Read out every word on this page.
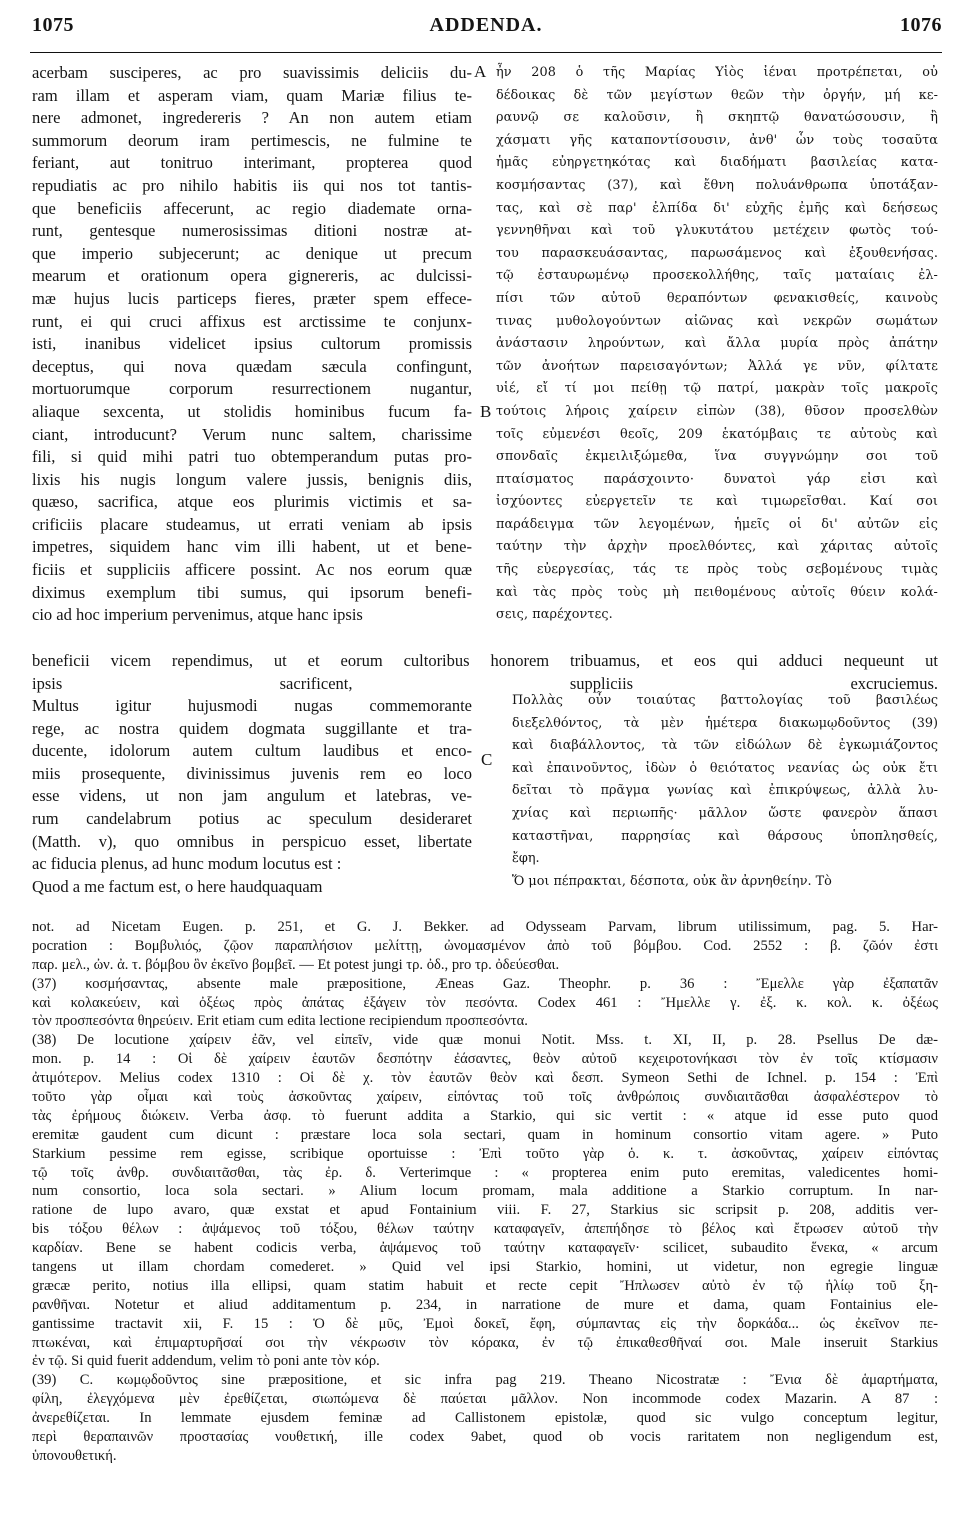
1075	ADDENDA.	1076
A
B
C
acerbam susciperes, ac pro suavissimis deliciis du-
ram illam et asperam viam, quam Mariæ filius te-
nere admonet, ingredereris ? An non autem etiam
summorum deorum iram pertimescis, ne fulmine te
feriant, aut tonitruo interimant, propterea quod
repudiatis ac pro nihilo habitis iis qui nos tot tantis-
que beneficiis affecerunt, ac regio diademate orna-
runt, gentesque numerosissimas ditioni nostræ at-
que imperio subjecerunt; ac denique ut precum
mearum et orationum opera gignereris, ac dulcissi-
mæ hujus lucis particeps fieres, præter spem effece-
runt, ei qui cruci affixus est arctissime te conjunx-
isti, inanibus videlicet ipsius cultorum promissis
deceptus, qui nova quædam sæcula confingunt,
mortuorumque corporum resurrectionem nugantur,
aliaque sexcenta, ut stolidis hominibus fucum fa-
ciant, introducunt? Verum nunc saltem, charissime
fili, si quid mihi patri tuo obtemperandum putas pro-
lixis his nugis longum valere jussis, benignis diis,
quæso, sacrifica, atque eos plurimis victimis et sa-
crificiis placare studeamus, ut errati veniam ab ipsis
impetres, siquidem hanc vim illi habent, ut et bene-
ficiis et suppliciis afficere possint. Ac nos eorum quæ
diximus exemplum tibi sumus, qui ipsorum benefi-
cio ad hoc imperium pervenimus, atque hanc ipsis
ἦν 208 ὁ τῆς Μαρίας Υἱὸς ἰέναι προτρέπεται, οὐ
δέδοικας δὲ τῶν μεγίστων θεῶν τὴν ὀργήν, μή κε-
ραυνῷ σε καλοῦσιν, ἢ σκηπτῷ θανατώσουσιν, ἢ
χάσματι γῆς καταποντίσουσιν, ἀνθ' ὧν τοὺς τοσαῦτα
ἡμᾶς εὐηργετηκότας καὶ διαδήματι βασιλείας κατα-
κοσμήσαντας (37), καὶ ἔθνη πολυάνθρωπα ὑποτάξαν-
τας, καὶ σὲ παρ' ἐλπίδα δι' εὐχῆς ἐμῆς καὶ δεήσεως
γεννηθῆναι καὶ τοῦ γλυκυτάτου μετέχειν φωτὸς τού-
του παρασκευάσαντας, παρωσάμενος καὶ ἐξουθενήσας.
τῷ ἐσταυρωμένῳ προσεκολλήθης, ταῖς ματαίαις ἐλ-
πίσι τῶν αὐτοῦ θεραπόντων φενακισθείς, καινοὺς
τινας μυθολογούντων αἰῶνας καὶ νεκρῶν σωμάτων
ἀνάστασιν ληρούντων, καὶ ἄλλα μυρία πρὸς ἀπάτην
τῶν ἀνοήτων παρεισαγόντων; Ἀλλά γε νῦν, φίλτατε
υἱέ, εἴ τί μοι πείθῃ τῷ πατρί, μακρὰν τοῖς μακροῖς
τούτοις λήροις χαίρειν εἰπὼν (38), θῦσον προσελθὼν
τοῖς εὐμενέσι θεοῖς, 209 ἑκατόμβαις τε αὐτοὺς καὶ
σπονδαῖς ἐκμειλιξώμεθα, ἵνα συγγνώμην σοι τοῦ
πταίσματος παράσχοιντο· δυνατοὶ γάρ εἰσι καὶ
ἰσχύοντες εὐεργετεῖν τε καὶ τιμωρεῖσθαι. Καί σοι
παράδειγμα τῶν λεγομένων, ἡμεῖς οἱ δι' αὐτῶν εἰς
ταύτην τὴν ἀρχὴν προελθόντες, καὶ χάριτας αὐτοῖς
τῆς εὐεργεσίας, τάς τε πρὸς τοὺς σεβομένους τιμὰς
καὶ τὰς πρὸς τοὺς μὴ πειθομένους αὐτοῖς θύειν κολά-
σεις, παρέχοντες.
beneficii vicem rependimus, ut et eorum cultoribus honorem tribuamus, et eos qui adduci nequeunt ut
ipsis sacrificent, suppliciis excruciemus.
Multus igitur hujusmodi nugas commemorante
rege, ac nostra quidem dogmata suggillante et tra-
ducente, idolorum autem cultum laudibus et enco-
miis prosequente, divinissimus juvenis rem eo loco
esse videns, ut non jam angulum et latebras, ve-
rum candelabrum potius ac speculum desideraret
(Matth. v), quo omnibus in perspicuo esset, libertate
ac fiducia plenus, ad hunc modum locutus est :
Quod a me factum est, o here haudquaquam
Πολλὰς οὖν τοιαύτας βαττολογίας τοῦ βασιλέως
διεξελθόντος, τὰ μὲν ἡμέτερα διακωμῳδοῦντος (39)
καὶ διαβάλλοντος, τὰ τῶν εἰδώλων δὲ ἐγκωμιάζοντος
καὶ ἐπαινοῦντος, ἰδὼν ὁ θειότατος νεανίας ὡς οὐκ ἔτι
δεῖται τὸ πρᾶγμα γωνίας καὶ ἐπικρύψεως, ἀλλὰ λυ-
χνίας καὶ περιωπῆς· μᾶλλον ὥστε φανερὸν ἅπασι
καταστῆναι, παρρησίας καὶ θάρσους ὑποπλησθείς,
ἔφη.
Ὅ μοι πέπρακται, δέσποτα, οὐκ ἂν ἀρνηθείην. Τὸ
not. ad Nicetam Eugen. p. 251, et G. J. Bekker. ad Odysseam Parvam, librum utilissimum, pag. 5. Har-
pocration : Βομβυλιός, ζῷον παραπλήσιον μελίττῃ, ὠνομασμένον ἀπὸ τοῦ βόμβου. Cod. 2552 : β. ζῶόν ἐστι
παρ. μελ., ὠν. ἀ. τ. βόμβου ὃν ἐκεῖνο βομβεῖ. — Et potest jungi τρ. ὀδ., pro τρ. ὀδεύεσθαι.
(37) κοσμήσαντας, absente male præpositione, Æneas Gaz. Theophr. p. 36 : Ἔμελλε γὰρ ἐξαπατᾶν
καὶ κολακεύειν, καὶ ὀξέως πρὸς ἀπάτας ἐξάγειν τὸν πεσόντα. Codex 461 : Ἤμελλε γ. ἐξ. κ. κολ. κ. ὀξέως
τὸν προσπεσόντα θηρεύειν. Erit etiam cum edita lectione recipiendum προσπεσόντα.
(38) De locutione χαίρειν ἐᾶν, vel εἰπεῖν, vide quæ monui Notit. Mss. t. XI, II, p. 28. Psellus De dæ-
mon. p. 14 : Οἱ δὲ χαίρειν ἑαυτῶν δεσπότην ἐάσαντες, θεὸν αὐτοῦ κεχειροτονήκασι τὸν ἐν τοῖς κτίσμασιν
ἀτιμότερον. Melius codex 1310 : Οἱ δὲ χ. τὸν ἑαυτῶν θεὸν καὶ δεσπ. Symeon Sethi de Ichnel. p. 154 : Ἐπὶ
τοῦτο γὰρ οἶμαι καὶ τοὺς ἀσκοῦντας χαίρειν, εἰπόντας τοῦ τοῖς ἀνθρώποις συνδιαιτᾶσθαι ἀσφαλέστερον τὸ
τὰς ἐρήμους διώκειν. Verba ἀσφ. τὸ fuerunt addita a Starkio, qui sic vertit : « atque id esse puto quod
eremitæ gaudent cum dicunt : præstare loca sola sectari, quam in hominum consortio vitam agere. » Puto
Starkium pessime rem egisse, scribique oportuisse : Ἐπὶ τοῦτο γὰρ ὁ. κ. τ. ἀσκοῦντας, χαίρειν εἰπόντας
τῷ τοῖς ἀνθρ. συνδιαιτᾶσθαι, τὰς ἐρ. δ. Verterimque : « propterea enim puto eremitas, valedicentes homi-
num consortio, loca sola sectari. » Alium locum promam, mala additione a Starkio corruptum. In nar-
ratione de lupo avaro, quæ exstat et apud Fontainium viii. F. 27, Starkius sic scripsit p. 208, additis ver-
bis τόξου θέλων : ἀψάμενος τοῦ τόξου, θέλων ταύτην καταφαγεῖν, ἀπεπήδησε τὸ βέλος καὶ ἔτρωσεν αὐτοῦ τὴν
καρδίαν. Bene se habent codicis verba, ἀψάμενος τοῦ ταύτην καταφαγεῖν· scilicet, subaudito ἕνεκα, « arcum
tangens ut illam chordam comederet. » Quid vel ipsi Starkio, homini, ut videtur, non egregie linguæ
græcæ perito, notius illa ellipsi, quam statim habuit et recte cepit Ἤπλωσεν αὐτὸ ἐν τῷ ἡλίῳ τοῦ ξη-
ρανθῆναι. Notetur et aliud additamentum p. 234, in narratione de mure et dama, quam Fontainius ele-
gantissime tractavit xii, F. 15 : Ὁ δὲ μῦς, Ἐμοὶ δοκεῖ, ἔφη, σύμπαντας εἰς τὴν δορκάδα... ὡς ἐκεῖνον πε-
πτωκέναι, καὶ ἐπιμαρτυρῆσαί σοι τὴν νέκρωσιν τὸν κόρακα, ἐν τῷ ἐπικαθεσθῆναί σοι. Male inseruit Starkius
ἐν τῷ. Si quid fuerit addendum, velim τὸ poni ante τὸν κόρ.
(39) C. κωμῳδοῦντος sine præpositione, et sic infra pag 219. Theano Nicostratæ : Ἔνια δὲ ἁμαρτήματα,
φίλη, ἐλεγχόμενα μὲν ἐρεθίζεται, σιωπώμενα δὲ παύεται μᾶλλον. Non incommode codex Mazarin. A 87 :
ἀνερεθίζεται. In lemmate ejusdem feminæ ad Callistonem epistolæ, quod sic vulgo conceptum legitur,
περὶ θεραπαινῶν προστασίας νουθετική, ille codex 9abet, quod ob vocis raritatem non negligendum est,
ὑπονουθετική.
